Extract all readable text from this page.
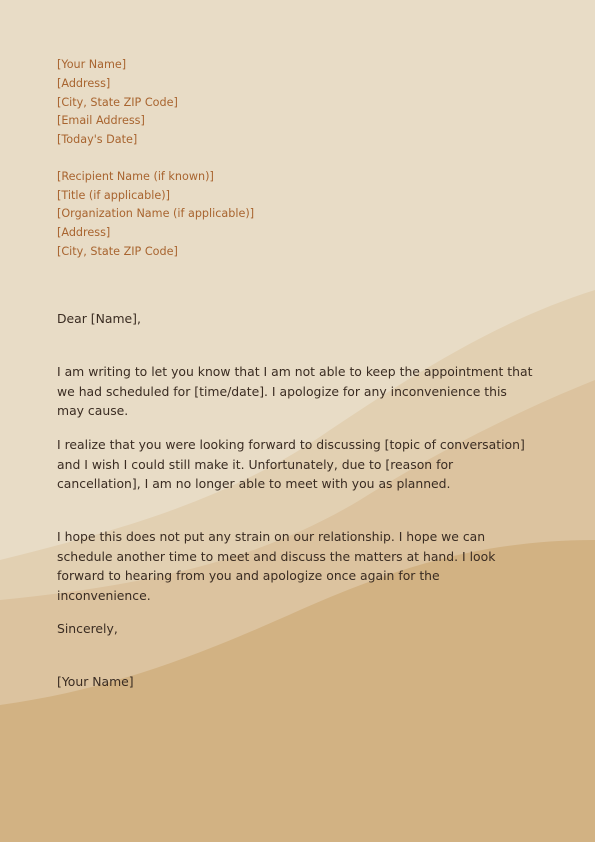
[Your Name]

[Address]

[City, State ZIP Code]

[Email Address]

[Today's Date]

[Recipient Name (if known)]

[Title (if applicable)]

[Organization Name (if applicable)]

[Address]

[City, State ZIP Code]

Dear [Name],

I am writing to let you know that I am not able to keep the appointment that we had scheduled for [time/date]. I apologize for any inconvenience this may cause.

I realize that you were looking forward to discussing [topic of conversation] and I wish I could still make it. Unfortunately, due to [reason for cancellation], I am no longer able to meet with you as planned.

I hope this does not put any strain on our relationship. I hope we can schedule another time to meet and discuss the matters at hand. I look forward to hearing from you and apologize once again for the inconvenience.

Sincerely,

[Your Name]
